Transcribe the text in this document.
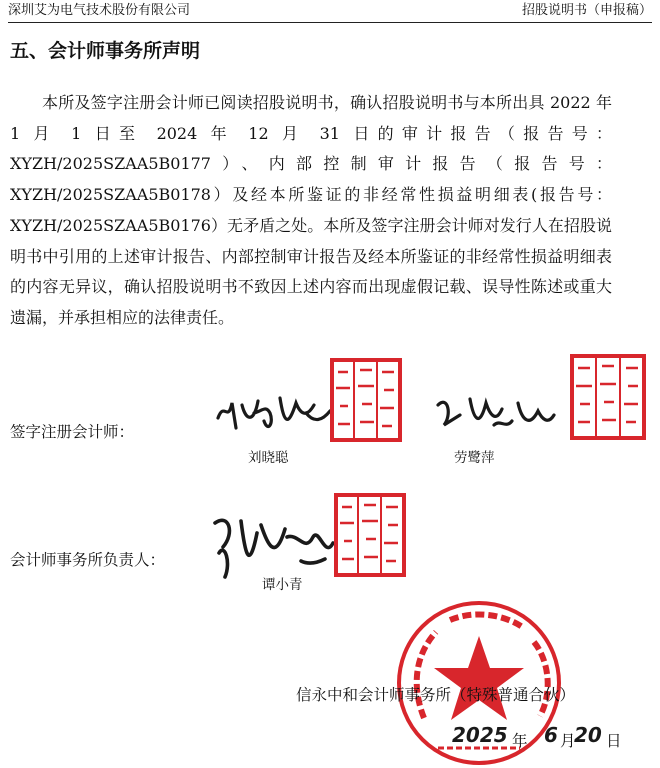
深圳艾为电气技术股份有限公司	招股说明书（申报稿）
五、会计师事务所声明
本所及签字注册会计师已阅读招股说明书，确认招股说明书与本所出具 2022 年 1 月 1 日至 2024 年 12 月 31 日的审计报告（报告号：XYZH/2025SZAA5B0177）、内部控制审计报告（报告号：XYZH/2025SZAA5B0178）及经本所鉴证的非经常性损益明细表(报告号：XYZH/2025SZAA5B0176）无矛盾之处。本所及签字注册会计师对发行人在招股说明书中引用的上述审计报告、内部控制审计报告及经本所鉴证的非经常性损益明细表的内容无异议，确认招股说明书不致因上述内容而出现虚假记载、误导性陈述或重大遗漏，并承担相应的法律责任。
签字注册会计师：
刘晓聪	劳鹭萍
会计师事务所负责人：
谭小青
信永中和会计师事务所（特殊普通合伙）
2025 年 6 月
20 日
